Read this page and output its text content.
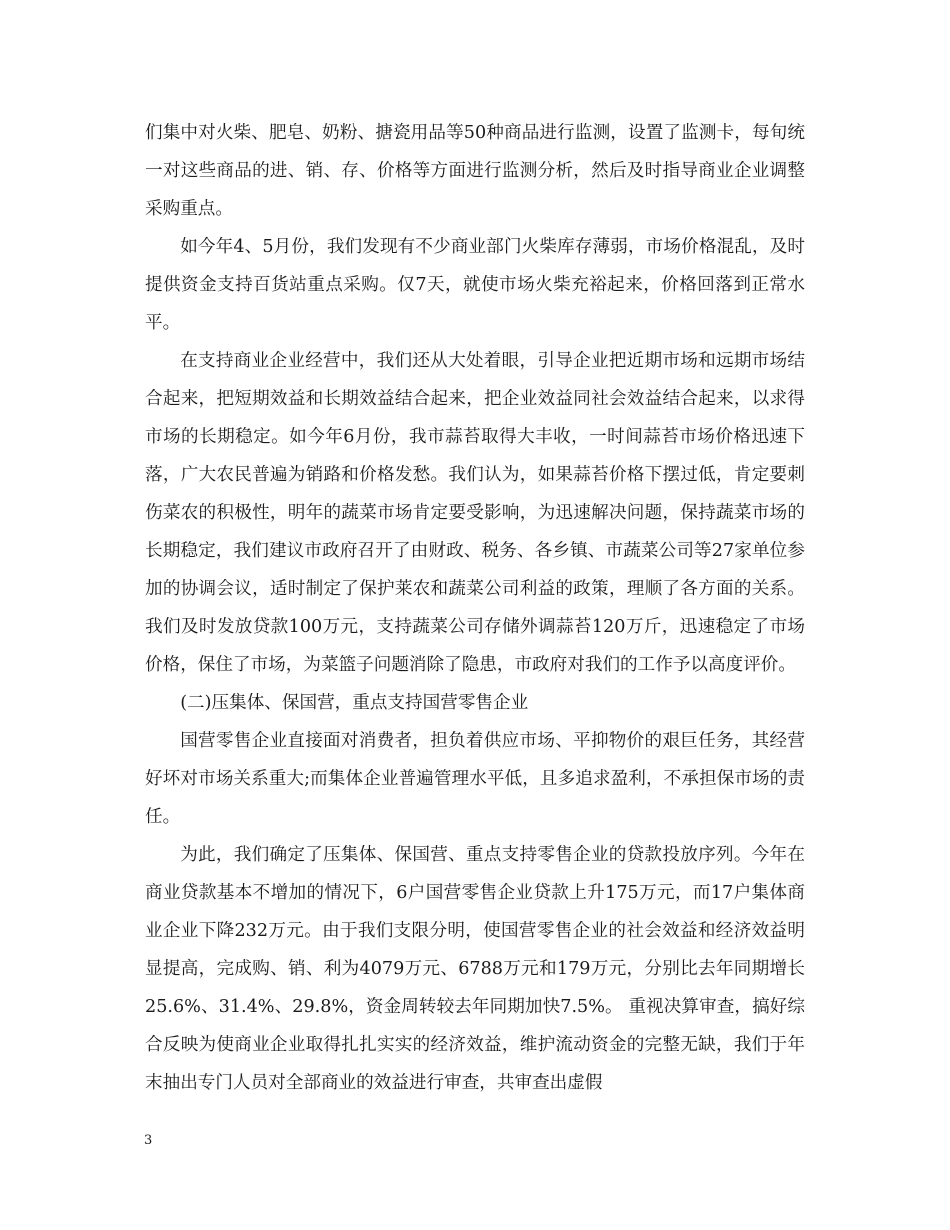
们集中对火柴、肥皂、奶粉、搪瓷用品等50种商品进行监测，设置了监测卡，每旬统一对这些商品的进、销、存、价格等方面进行监测分析，然后及时指导商业企业调整采购重点。

如今年4、5月份，我们发现有不少商业部门火柴库存薄弱，市场价格混乱，及时提供资金支持百货站重点采购。仅7天，就使市场火柴充裕起来，价格回落到正常水平。

在支持商业企业经营中，我们还从大处着眼，引导企业把近期市场和远期市场结合起来，把短期效益和长期效益结合起来，把企业效益同社会效益结合起来，以求得市场的长期稳定。如今年6月份，我市蒜苔取得大丰收，一时间蒜苔市场价格迅速下落，广大农民普遍为销路和价格发愁。我们认为，如果蒜苔价格下摆过低，肯定要刺伤菜农的积极性，明年的蔬菜市场肯定要受影响，为迅速解决问题，保持蔬菜市场的长期稳定，我们建议市政府召开了由财政、税务、各乡镇、市蔬菜公司等27家单位参加的协调会议，适时制定了保护莱农和蔬菜公司利益的政策，理顺了各方面的关系。我们及时发放贷款100万元，支持蔬菜公司存储外调蒜苔120万斤，迅速稳定了市场价格，保住了市场，为菜篮子问题消除了隐患，市政府对我们的工作予以高度评价。

(二)压集体、保国营，重点支持国营零售企业

国营零售企业直接面对消费者，担负着供应市场、平抑物价的艰巨任务，其经营好坏对市场关系重大;而集体企业普遍管理水平低，且多追求盈利，不承担保市场的责任。

为此，我们确定了压集体、保国营、重点支持零售企业的贷款投放序列。今年在商业贷款基本不增加的情况下，6户国营零售企业贷款上升175万元，而17户集体商业企业下降232万元。由于我们支限分明，使国营零售企业的社会效益和经济效益明显提高，完成购、销、利为4079万元、6788万元和179万元，分别比去年同期增长25.6%、31.4%、29.8%，资金周转较去年同期加快7.5%。 重视决算审查，搞好综合反映为使商业企业取得扎扎实实的经济效益，维护流动资金的完整无缺，我们于年末抽出专门人员对全部商业的效益进行审查，共审查出虚假

3
